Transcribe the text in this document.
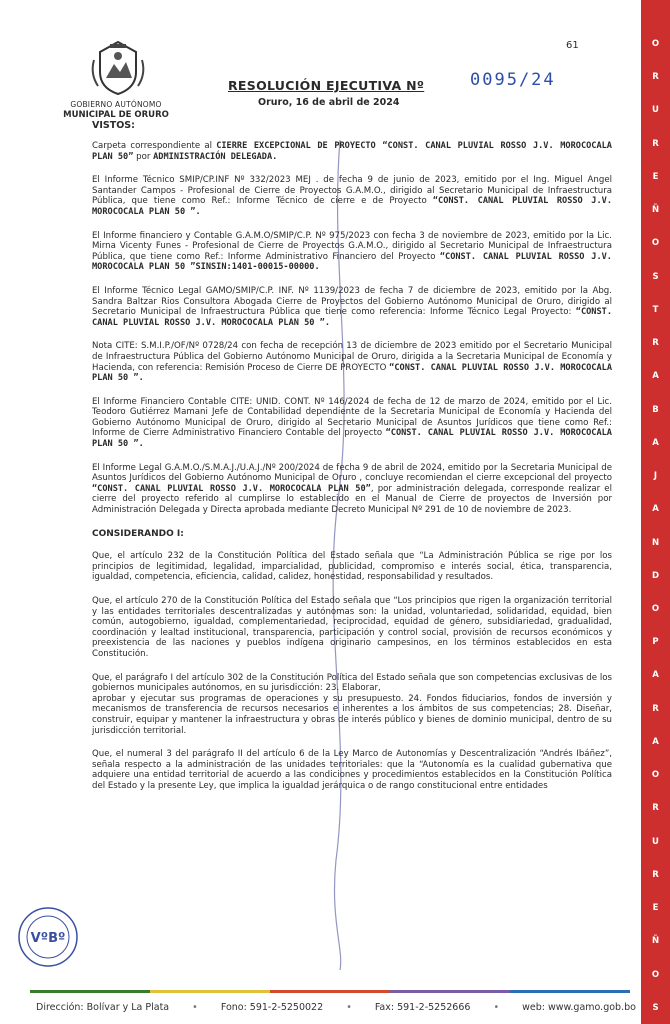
O
R
U
R
E
Ñ
O
S
T
R
A
B
A
J
A
N
D
O
P
A
R
A
O
R
U
R
E
Ñ
O
S
GOBIERNO AUTÓNOMO
MUNICIPAL DE ORURO
VISTOS:
61
RESOLUCIÓN EJECUTIVA Nº	0095/24
Oruro, 16 de abril de 2024

Carpeta correspondiente al CIERRE EXCEPCIONAL DE PROYECTO “CONST. CANAL PLUVIAL ROSSO J.V. MOROCOCALA PLAN 50” por ADMINISTRACIÓN DELEGADA.

El Informe Técnico SMIP/CP.INF Nº 332/2023 MEJ . de fecha 9 de junio de 2023, emitido por el Ing. Miguel Angel Santander Campos - Profesional de Cierre de Proyectos G.A.M.O., dirigido al Secretario Municipal de Infraestructura Pública, que tiene como Ref.: Informe Técnico de cierre e de Proyecto “CONST. CANAL PLUVIAL ROSSO J.V. MOROCOCALA PLAN 50 ”.

El Informe financiero y Contable G.A.M.O/SMIP/C.P. Nº 975/2023 con fecha 3 de noviembre de 2023, emitido por la Lic. Mirna Vicenty Funes - Profesional de Cierre de Proyectos G.A.M.O., dirigido al Secretario Municipal de Infraestructura Pública, que tiene como Ref.: Informe Administrativo Financiero del Proyecto “CONST. CANAL PLUVIAL ROSSO J.V. MOROCOCALA PLAN 50 ”SINSIN:1401-00015-00000.

El Informe Técnico Legal GAMO/SMIP/C.P. INF. Nº 1139/2023 de fecha 7 de diciembre de 2023, emitido por la Abg. Sandra Baltzar Rios Consultora Abogada Cierre de Proyectos del Gobierno Autónomo Municipal de Oruro, dirigido al Secretario Municipal de Infraestructura Pública que tiene como referencia: Informe Técnico Legal Proyecto: “CONST. CANAL PLUVIAL ROSSO J.V. MOROCOCALA PLAN 50 ”.

Nota CITE: S.M.I.P./OF/Nº 0728/24 con fecha de recepción 13 de diciembre de 2023 emitido por el Secretario Municipal de Infraestructura Pública del Gobierno Autónomo Municipal de Oruro, dirigida a la Secretaria Municipal de Economía y Hacienda, con referencia: Remisión Proceso de Cierre DE PROYECTO “CONST. CANAL PLUVIAL ROSSO J.V. MOROCOCALA PLAN 50 ”.

El Informe Financiero Contable CITE: UNID. CONT. Nº 146/2024 de fecha de 12 de marzo de 2024, emitido por el Lic. Teodoro Gutiérrez Mamani Jefe de Contabilidad dependiente de la Secretaria Municipal de Economía y Hacienda del Gobierno Autónomo Municipal de Oruro, dirigido al Secretario Municipal de Asuntos Jurídicos que tiene como Ref.: Informe de Cierre Administrativo Financiero Contable del proyecto “CONST. CANAL PLUVIAL ROSSO J.V. MOROCOCALA PLAN 50 ”.

El Informe Legal G.A.M.O./S.M.A.J./U.A.J./Nº 200/2024 de fecha 9 de abril de 2024, emitido por la Secretaria Municipal de Asuntos Jurídicos del Gobierno Autónomo Municipal de Oruro , concluye recomiendan el cierre excepcional del proyecto “CONST. CANAL PLUVIAL ROSSO J.V. MOROCOCALA PLAN 50”, por administración delegada, corresponde realizar el cierre del proyecto referido al cumplirse lo establecido en el Manual de Cierre de proyectos de Inversión por Administración Delegada y Directa aprobada mediante Decreto Municipal Nº 291 de 10 de noviembre de 2023.

CONSIDERANDO I:

Que, el artículo 232 de la Constitución Política del Estado señala que “La Administración Pública se rige por los principios de legitimidad, legalidad, imparcialidad, publicidad, compromiso e interés social, ética, transparencia, igualdad, competencia, eficiencia, calidad, calidez, honestidad, responsabilidad y resultados.

Que, el artículo 270 de la Constitución Política del Estado señala que “Los principios que rigen la organización territorial y las entidades territoriales descentralizadas y autónomas son: la unidad, voluntariedad, solidaridad, equidad, bien común, autogobierno, igualdad, complementariedad, reciprocidad, equidad de género, subsidiariedad, gradualidad, coordinación y lealtad institucional, transparencia, participación y control social, provisión de recursos económicos y preexistencia de las naciones y pueblos indígena originario campesinos, en los términos establecidos en esta Constitución.

Que, el parágrafo I del artículo 302 de la Constitución Política del Estado señala que son competencias exclusivas de los gobiernos municipales autónomos, en su jurisdicción: 23. Elaborar,

aprobar y ejecutar sus programas de operaciones y su presupuesto. 24. Fondos fiduciarios, fondos de inversión y mecanismos de transferencia de recursos necesarios e inherentes a los ámbitos de sus competencias; 28. Diseñar, construir, equipar y mantener la infraestructura y obras de interés público y bienes de dominio municipal, dentro de su jurisdicción territorial.

Que, el numeral 3 del parágrafo II del artículo 6 de la Ley Marco de Autonomías y Descentralización “Andrés Ibáñez”, señala respecto a la administración de las unidades territoriales: que la “Autonomía es la cualidad gubernativa que adquiere una entidad territorial de acuerdo a las condiciones y procedimientos establecidos en la Constitución Política del Estado y la presente Ley, que implica la igualdad jerárquica o de rango constitucional entre entidades

VºBº
Dirección: Bolívar y La Plata • Fono: 591-2-5250022 • Fax: 591-2-5252666 • web: www.gamo.gob.bo
